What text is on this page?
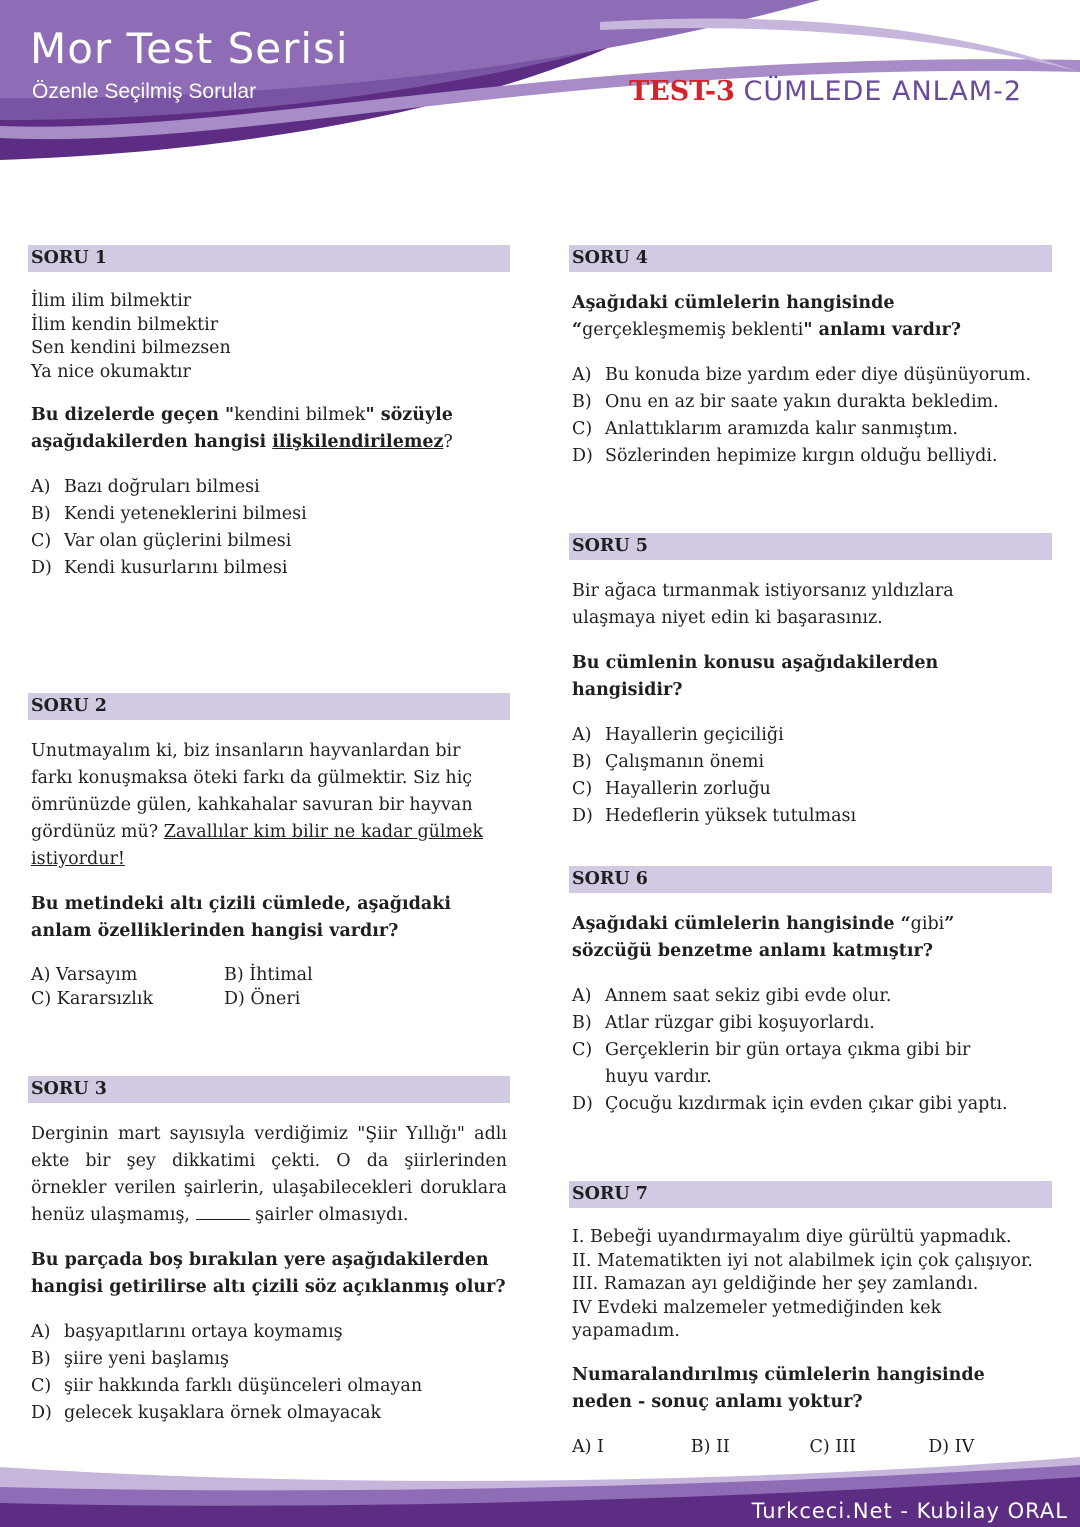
Mor Test Serisi
Özenle Seçilmiş Sorular	TEST-3 CÜMLEDE ANLAM-2
SORU 1
İlim ilim bilmektir
İlim kendin bilmektir
Sen kendini bilmezsen
Ya nice okumaktır

Bu dizelerde geçen "kendini bilmek" sözüyle aşağıdakilerden hangisi ilişkilendirilemez?

A) Bazı doğruları bilmesi
B) Kendi yeteneklerini bilmesi
C) Var olan güçlerini bilmesi
D) Kendi kusurlarını bilmesi
SORU 2

Unutmayalım ki, biz insanların hayvanlardan bir farkı konuşmaksa öteki farkı da gülmektir. Siz hiç ömrünüzde gülen, kahkahalar savuran bir hayvan gördünüz mü? Zavallılar kim bilir ne kadar gülmek istiyordur!

Bu metindeki altı çizili cümlede, aşağıdaki anlam özelliklerinden hangisi vardır?

A) Varsayım	B) İhtimal
C) Kararsızlık	D) Öneri
SORU 3

Derginin mart sayısıyla verdiğimiz "Şiir Yıllığı" adlı ekte bir şey dikkatimi çekti. O da şiirlerinden örnekler verilen şairlerin, ulaşabilecekleri doruklara henüz ulaşmamış,	şairler olmasıydı.

Bu parçada boş bırakılan yere aşağıdakilerden hangisi getirilirse altı çizili söz açıklanmış olur?

A) başyapıtlarını ortaya koymamış
B) şiire yeni başlamış
C) şiir hakkında farklı düşünceleri olmayan
D) gelecek kuşaklara örnek olmayacak
SORU 4

Aşağıdaki cümlelerin hangisinde “gerçekleşmemiş beklenti" anlamı vardır?

A) Bu konuda bize yardım eder diye düşünüyorum.
B) Onu en az bir saate yakın durakta bekledim.
C) Anlattıklarım aramızda kalır sanmıştım.
D) Sözlerinden hepimize kırgın olduğu belliydi.
SORU 5

Bir ağaca tırmanmak istiyorsanız yıldızlara ulaşmaya niyet edin ki başarasınız.

Bu cümlenin konusu aşağıdakilerden hangisidir?

A) Hayallerin geçiciliği
B) Çalışmanın önemi
C) Hayallerin zorluğu
D) Hedeflerin yüksek tutulması
SORU 6

Aşağıdaki cümlelerin hangisinde “gibi” sözcüğü benzetme anlamı katmıştır?

A) Annem saat sekiz gibi evde olur.
B) Atlar rüzgar gibi koşuyorlardı.
C) Gerçeklerin bir gün ortaya çıkma gibi bir huyu vardır.
D) Çocuğu kızdırmak için evden çıkar gibi yaptı.
SORU 7
I. Bebeği uyandırmayalım diye gürültü yapmadık.
II. Matematikten iyi not alabilmek için çok çalışıyor.
III. Ramazan ayı geldiğinde her şey zamlandı.
IV Evdeki malzemeler yetmediğinden kek yapamadım.

Numaralandırılmış cümlelerin hangisinde neden - sonuç anlamı yoktur?

A) I	B) II	C) III	D) IV
Turkceci.Net - Kubilay ORAL
